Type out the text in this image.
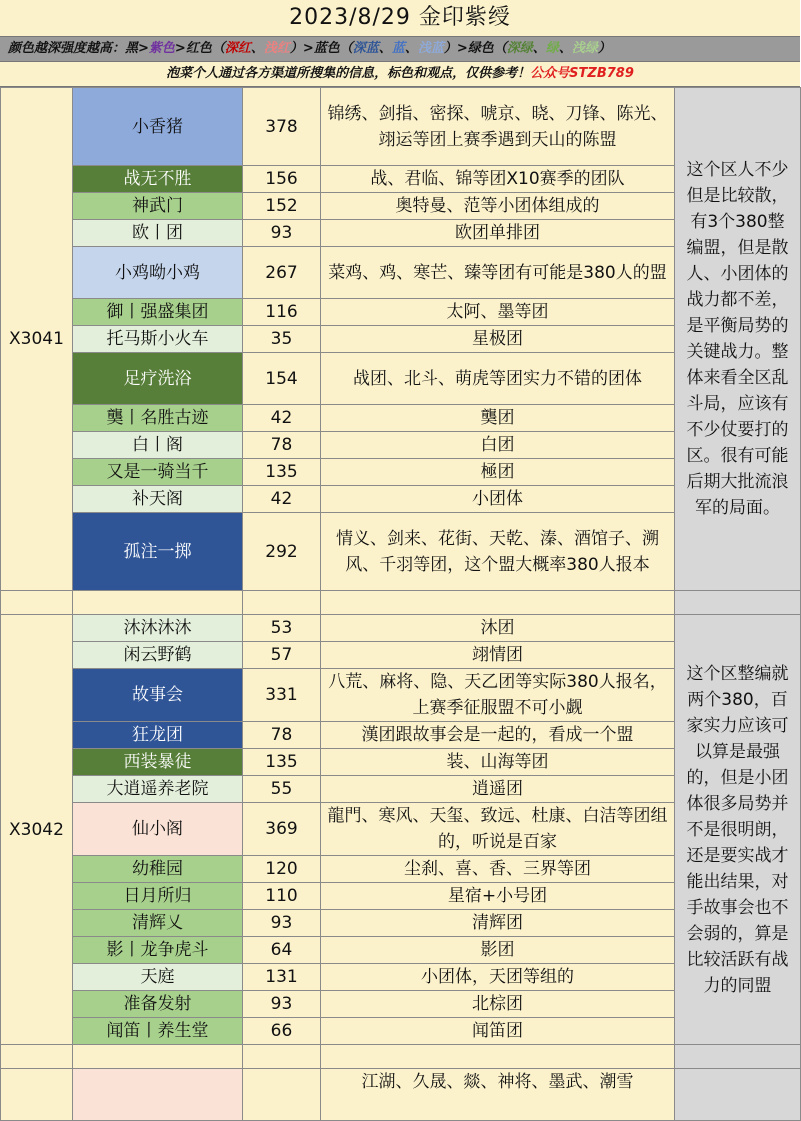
2023/8/29 金印紫绶
颜色越深强度越高：黑>紫色>红色（深红、浅红）>蓝色（深蓝、蓝、浅蓝）>绿色（深绿、绿、浅绿）
泡菜个人通过各方渠道所搜集的信息，标色和观点，仅供参考！公众号STZB789
X3041	小香猪	378	锦绣、剑指、密探、唬京、晓、刀锋、陈光、翊运等团上赛季遇到天山的陈盟	这个区人不少但是比较散，有3个380整编盟，但是散人、小团体的战力都不差，是平衡局势的关键战力。整体来看全区乱斗局，应该有不少仗要打的区。很有可能后期大批流浪军的局面。
	战无不胜	156	战、君临、锦等团X10赛季的团队	
	神武门	152	奥特曼、范等小团体组成的	
	欧丨团	93	欧团单排团	
	小鸡呦小鸡	267	菜鸡、鸡、寒芒、臻等团有可能是380人的盟	
	御丨强盛集团	116	太阿、墨等团	
	托马斯小火车	35	星极团	
	足疗洗浴	154	战团、北斗、萌虎等团实力不错的团体	
	龑丨名胜古迹	42	龑团	
	白丨阁	78	白团	
	又是一骑当千	135	極团	
	补天阁	42	小团体	
	孤注一掷	292	情义、剑来、花街、天乾、溱、酒馆子、溯风、千羽等团，这个盟大概率380人报本	

X3042	沐沐沐沐	53	沐团	这个区整编就两个380，百家实力应该可以算是最强的，但是小团体很多局势并不是很明朗，还是要实战才能出结果，对手故事会也不会弱的，算是比较活跃有战力的同盟
	闲云野鹤	57	翊情团	
	故事会	331	八荒、麻将、隐、天乙团等实际380人报名，上赛季征服盟不可小觑	
	狂龙团	78	漢团跟故事会是一起的，看成一个盟	
	西装暴徒	135	装、山海等团	
	大逍遥养老院	55	逍遥团	
	仙小阁	369	龍門、寒风、天玺、致远、杜康、白洁等团组的，听说是百家	
	幼稚园	120	尘刹、喜、香、三界等团	
	日月所归	110	星宿+小号团	
	清辉乂	93	清辉团	
	影丨龙争虎斗	64	影团	
	天庭	131	小团体，天团等组的	
	准备发射	93	北棕团	
	闻笛丨养生堂	66	闻笛团	

			江湖、久晟、燚、神将、墨武、潮雪	
